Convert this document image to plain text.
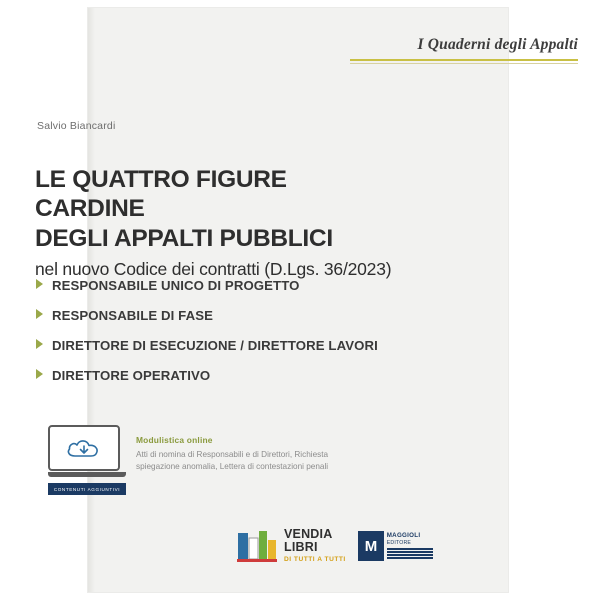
I Quaderni degli Appalti
Salvio Biancardi
LE QUATTRO FIGURE CARDINE
DEGLI APPALTI PUBBLICI
nel nuovo Codice dei contratti (D.Lgs. 36/2023)
RESPONSABILE UNICO DI PROGETTO
RESPONSABILE DI FASE
DIRETTORE DI ESECUZIONE / DIRETTORE LAVORI
DIRETTORE OPERATIVO
CONTENUTI AGGIUNTIVI
Modulistica online
Atti di nomina di Responsabili e di Direttori, Richiesta spiegazione anomalia, Lettera di contestazioni penali
VENDIA
LIBRI
DI TUTTI A TUTTI
M
MAGGIOLI
EDITORE
